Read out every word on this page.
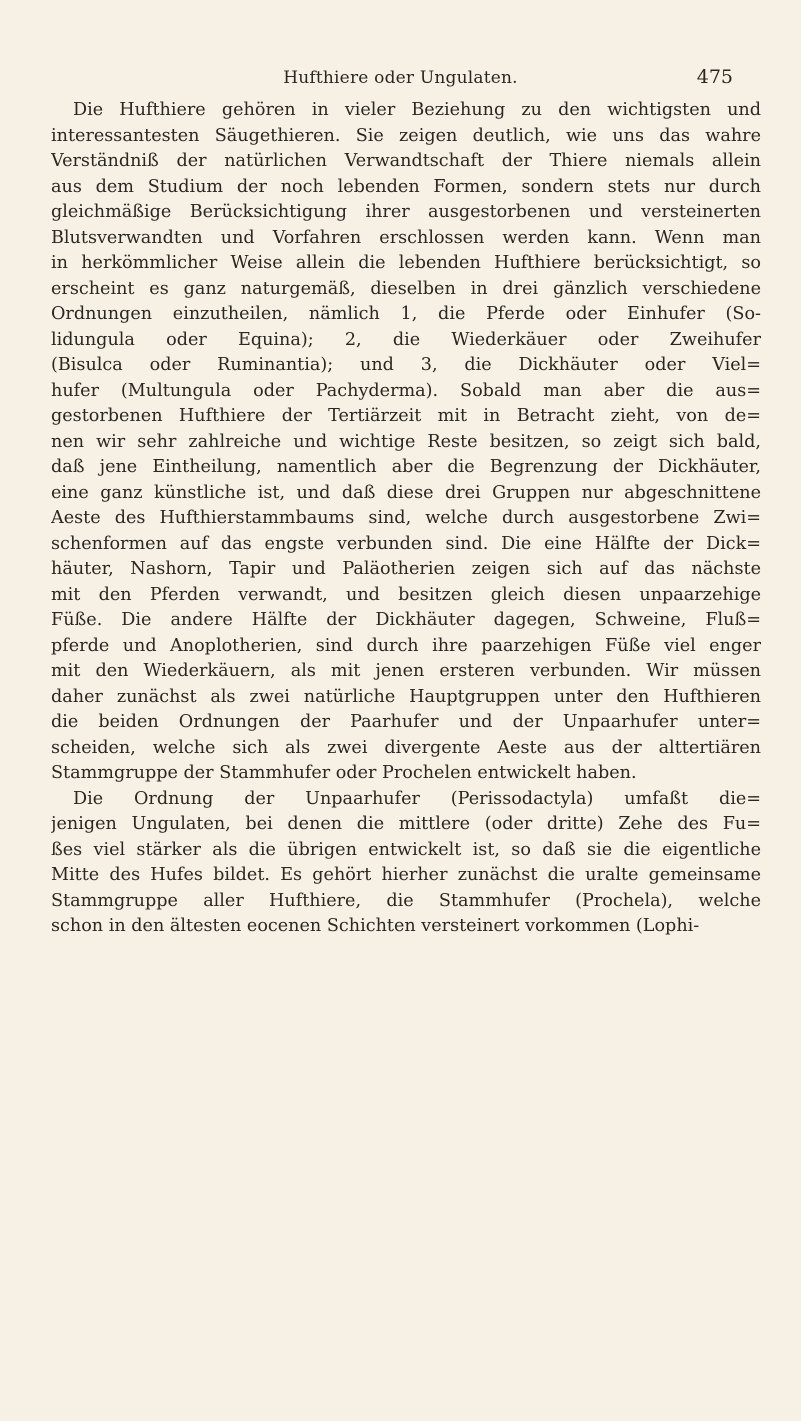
Hufthiere oder Ungulaten.	475
Die Hufthiere gehören in vieler Beziehung zu den wichtigsten und
interessantesten Säugethieren. Sie zeigen deutlich, wie uns das wahre
Verständniß der natürlichen Verwandtschaft der Thiere niemals allein
aus dem Studium der noch lebenden Formen, sondern stets nur durch
gleichmäßige Berücksichtigung ihrer ausgestorbenen und versteinerten
Blutsverwandten und Vorfahren erschlossen werden kann. Wenn man
in herkömmlicher Weise allein die lebenden Hufthiere berücksichtigt, so
erscheint es ganz naturgemäß, dieselben in drei gänzlich verschiedene
Ordnungen einzutheilen, nämlich 1, die Pferde oder Einhufer (So-
lidungula oder Equina); 2, die Wiederkäuer oder Zweihufer
(Bisulca oder Ruminantia); und 3, die Dickhäuter oder Viel=
hufer (Multungula oder Pachyderma). Sobald man aber die aus=
gestorbenen Hufthiere der Tertiärzeit mit in Betracht zieht, von de=
nen wir sehr zahlreiche und wichtige Reste besitzen, so zeigt sich bald,
daß jene Eintheilung, namentlich aber die Begrenzung der Dickhäuter,
eine ganz künstliche ist, und daß diese drei Gruppen nur abgeschnittene
Aeste des Hufthierstammbaums sind, welche durch ausgestorbene Zwi=
schenformen auf das engste verbunden sind. Die eine Hälfte der Dick=
häuter, Nashorn, Tapir und Paläotherien zeigen sich auf das nächste
mit den Pferden verwandt, und besitzen gleich diesen unpaarzehige
Füße. Die andere Hälfte der Dickhäuter dagegen, Schweine, Fluß=
pferde und Anoplotherien, sind durch ihre paarzehigen Füße viel enger
mit den Wiederkäuern, als mit jenen ersteren verbunden. Wir müssen
daher zunächst als zwei natürliche Hauptgruppen unter den Hufthieren
die beiden Ordnungen der Paarhufer und der Unpaarhufer unter=
scheiden, welche sich als zwei divergente Aeste aus der alttertiären
Stammgruppe der Stammhufer oder Prochelen entwickelt haben.
Die Ordnung der Unpaarhufer (Perissodactyla) umfaßt die=
jenigen Ungulaten, bei denen die mittlere (oder dritte) Zehe des Fu=
ßes viel stärker als die übrigen entwickelt ist, so daß sie die eigentliche
Mitte des Hufes bildet. Es gehört hierher zunächst die uralte gemeinsame
Stammgruppe aller Hufthiere, die Stammhufer (Prochela), welche
schon in den ältesten eocenen Schichten versteinert vorkommen (Lophi-
